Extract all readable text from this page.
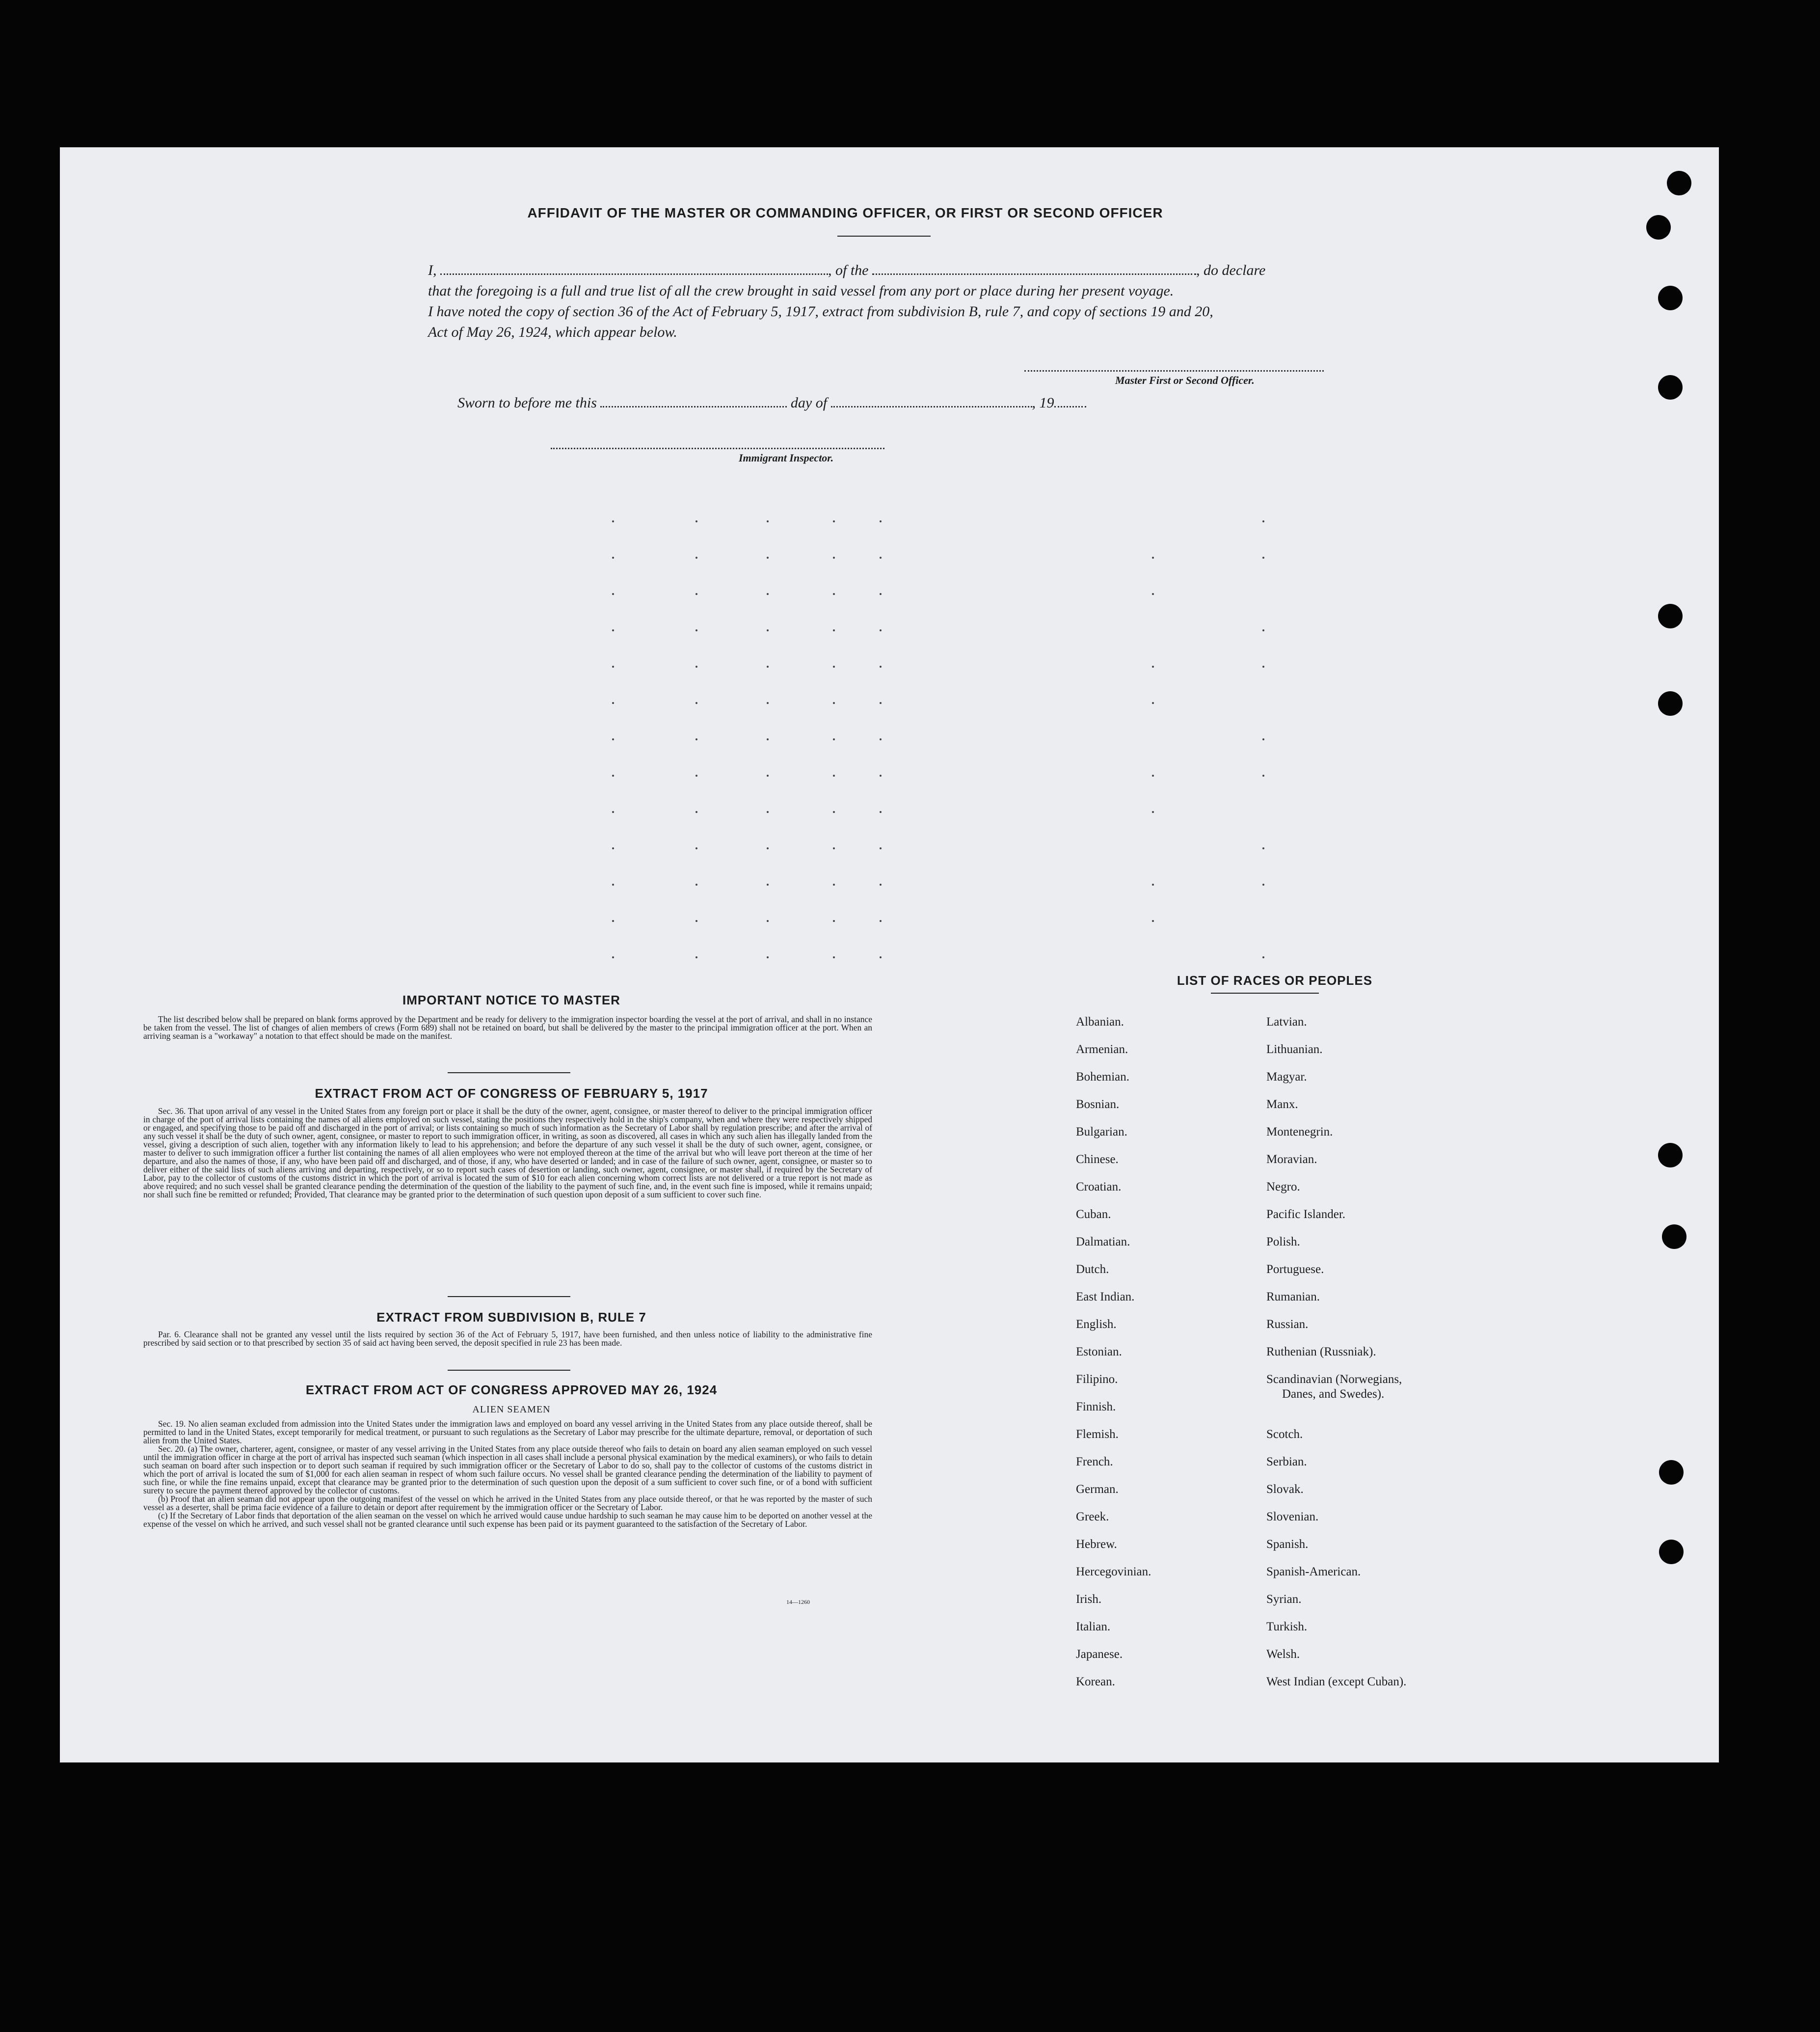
AFFIDAVIT OF THE MASTER OR COMMANDING OFFICER, OR FIRST OR SECOND OFFICER
I,	, of the	, do declare
that the foregoing is a full and true list of all the crew brought in said vessel from any port or place during her present voyage.
I have noted the copy of section 36 of the Act of February 5, 1917, extract from subdivision B, rule 7, and copy of sections 19 and 20,
Act of May 26, 1924, which appear below.
Master First or Second Officer.
Sworn to before me this	day of	, 19
Immigrant Inspector.
IMPORTANT NOTICE TO MASTER
The list described below shall be prepared on blank forms approved by the Department and be ready for delivery to the immigration inspector boarding the vessel at the port of arrival, and shall in no instance be taken from the vessel. The list of changes of alien members of crews (Form 689) shall not be retained on board, but shall be delivered by the master to the principal immigration officer at the port. When an arriving seaman is a "workaway" a notation to that effect should be made on the manifest.
EXTRACT FROM ACT OF CONGRESS OF FEBRUARY 5, 1917
Sec. 36. That upon arrival of any vessel in the United States from any foreign port or place it shall be the duty of the owner, agent, consignee, or master thereof to deliver to the principal immigration officer in charge of the port of arrival lists containing the names of all aliens employed on such vessel, stating the positions they respectively hold in the ship's company, when and where they were respectively shipped or engaged, and specifying those to be paid off and discharged in the port of arrival; or lists containing so much of such information as the Secretary of Labor shall by regulation prescribe; and after the arrival of any such vessel it shall be the duty of such owner, agent, consignee, or master to report to such immigration officer, in writing, as soon as discovered, all cases in which any such alien has illegally landed from the vessel, giving a description of such alien, together with any information likely to lead to his apprehension; and before the departure of any such vessel it shall be the duty of such owner, agent, consignee, or master to deliver to such immigration officer a further list containing the names of all alien employees who were not employed thereon at the time of the arrival but who will leave port thereon at the time of her departure, and also the names of those, if any, who have been paid off and discharged, and of those, if any, who have deserted or landed; and in case of the failure of such owner, agent, consignee, or master so to deliver either of the said lists of such aliens arriving and departing, respectively, or so to report such cases of desertion or landing, such owner, agent, consignee, or master shall, if required by the Secretary of Labor, pay to the collector of customs of the customs district in which the port of arrival is located the sum of $10 for each alien concerning whom correct lists are not delivered or a true report is not made as above required; and no such vessel shall be granted clearance pending the determination of the question of the liability to the payment of such fine, and, in the event such fine is imposed, while it remains unpaid; nor shall such fine be remitted or refunded; Provided, That clearance may be granted prior to the determination of such question upon deposit of a sum sufficient to cover such fine.
EXTRACT FROM SUBDIVISION B, RULE 7
Par. 6. Clearance shall not be granted any vessel until the lists required by section 36 of the Act of February 5, 1917, have been furnished, and then unless notice of liability to the administrative fine prescribed by said section or to that prescribed by section 35 of said act having been served, the deposit specified in rule 23 has been made.
EXTRACT FROM ACT OF CONGRESS APPROVED MAY 26, 1924
ALIEN SEAMEN
Sec. 19. No alien seaman excluded from admission into the United States under the immigration laws and employed on board any vessel arriving in the United States from any place outside thereof, shall be permitted to land in the United States, except temporarily for medical treatment, or pursuant to such regulations as the Secretary of Labor may prescribe for the ultimate departure, removal, or deportation of such alien from the United States.
Sec. 20. (a) The owner, charterer, agent, consignee, or master of any vessel arriving in the United States from any place outside thereof who fails to detain on board any alien seaman employed on such vessel until the immigration officer in charge at the port of arrival has inspected such seaman (which inspection in all cases shall include a personal physical examination by the medical examiners), or who fails to detain such seaman on board after such inspection or to deport such seaman if required by such immigration officer or the Secretary of Labor to do so, shall pay to the collector of customs of the customs district in which the port of arrival is located the sum of $1,000 for each alien seaman in respect of whom such failure occurs. No vessel shall be granted clearance pending the determination of the liability to payment of such fine, or while the fine remains unpaid, except that clearance may be granted prior to the determination of such question upon the deposit of a sum sufficient to cover such fine, or of a bond with sufficient surety to secure the payment thereof approved by the collector of customs.
(b) Proof that an alien seaman did not appear upon the outgoing manifest of the vessel on which he arrived in the United States from any place outside thereof, or that he was reported by the master of such vessel as a deserter, shall be prima facie evidence of a failure to detain or deport after requirement by the immigration officer or the Secretary of Labor.
(c) If the Secretary of Labor finds that deportation of the alien seaman on the vessel on which he arrived would cause undue hardship to such seaman he may cause him to be deported on another vessel at the expense of the vessel on which he arrived, and such vessel shall not be granted clearance until such expense has been paid or its payment guaranteed to the satisfaction of the Secretary of Labor.
14—1260
LIST OF RACES OR PEOPLES
Albanian.
Armenian.
Bohemian.
Bosnian.
Bulgarian.
Chinese.
Croatian.
Cuban.
Dalmatian.
Dutch.
East Indian.
English.
Estonian.
Filipino.
Finnish.
Flemish.
French.
German.
Greek.
Hebrew.
Hercegovinian.
Irish.
Italian.
Japanese.
Korean.
Latvian.
Lithuanian.
Magyar.
Manx.
Montenegrin.
Moravian.
Negro.
Pacific Islander.
Polish.
Portuguese.
Rumanian.
Russian.
Ruthenian (Russniak).
Scandinavian (Norwegians,
Danes, and Swedes).
Scotch.
Serbian.
Slovak.
Slovenian.
Spanish.
Spanish-American.
Syrian.
Turkish.
Welsh.
West Indian (except Cuban).
